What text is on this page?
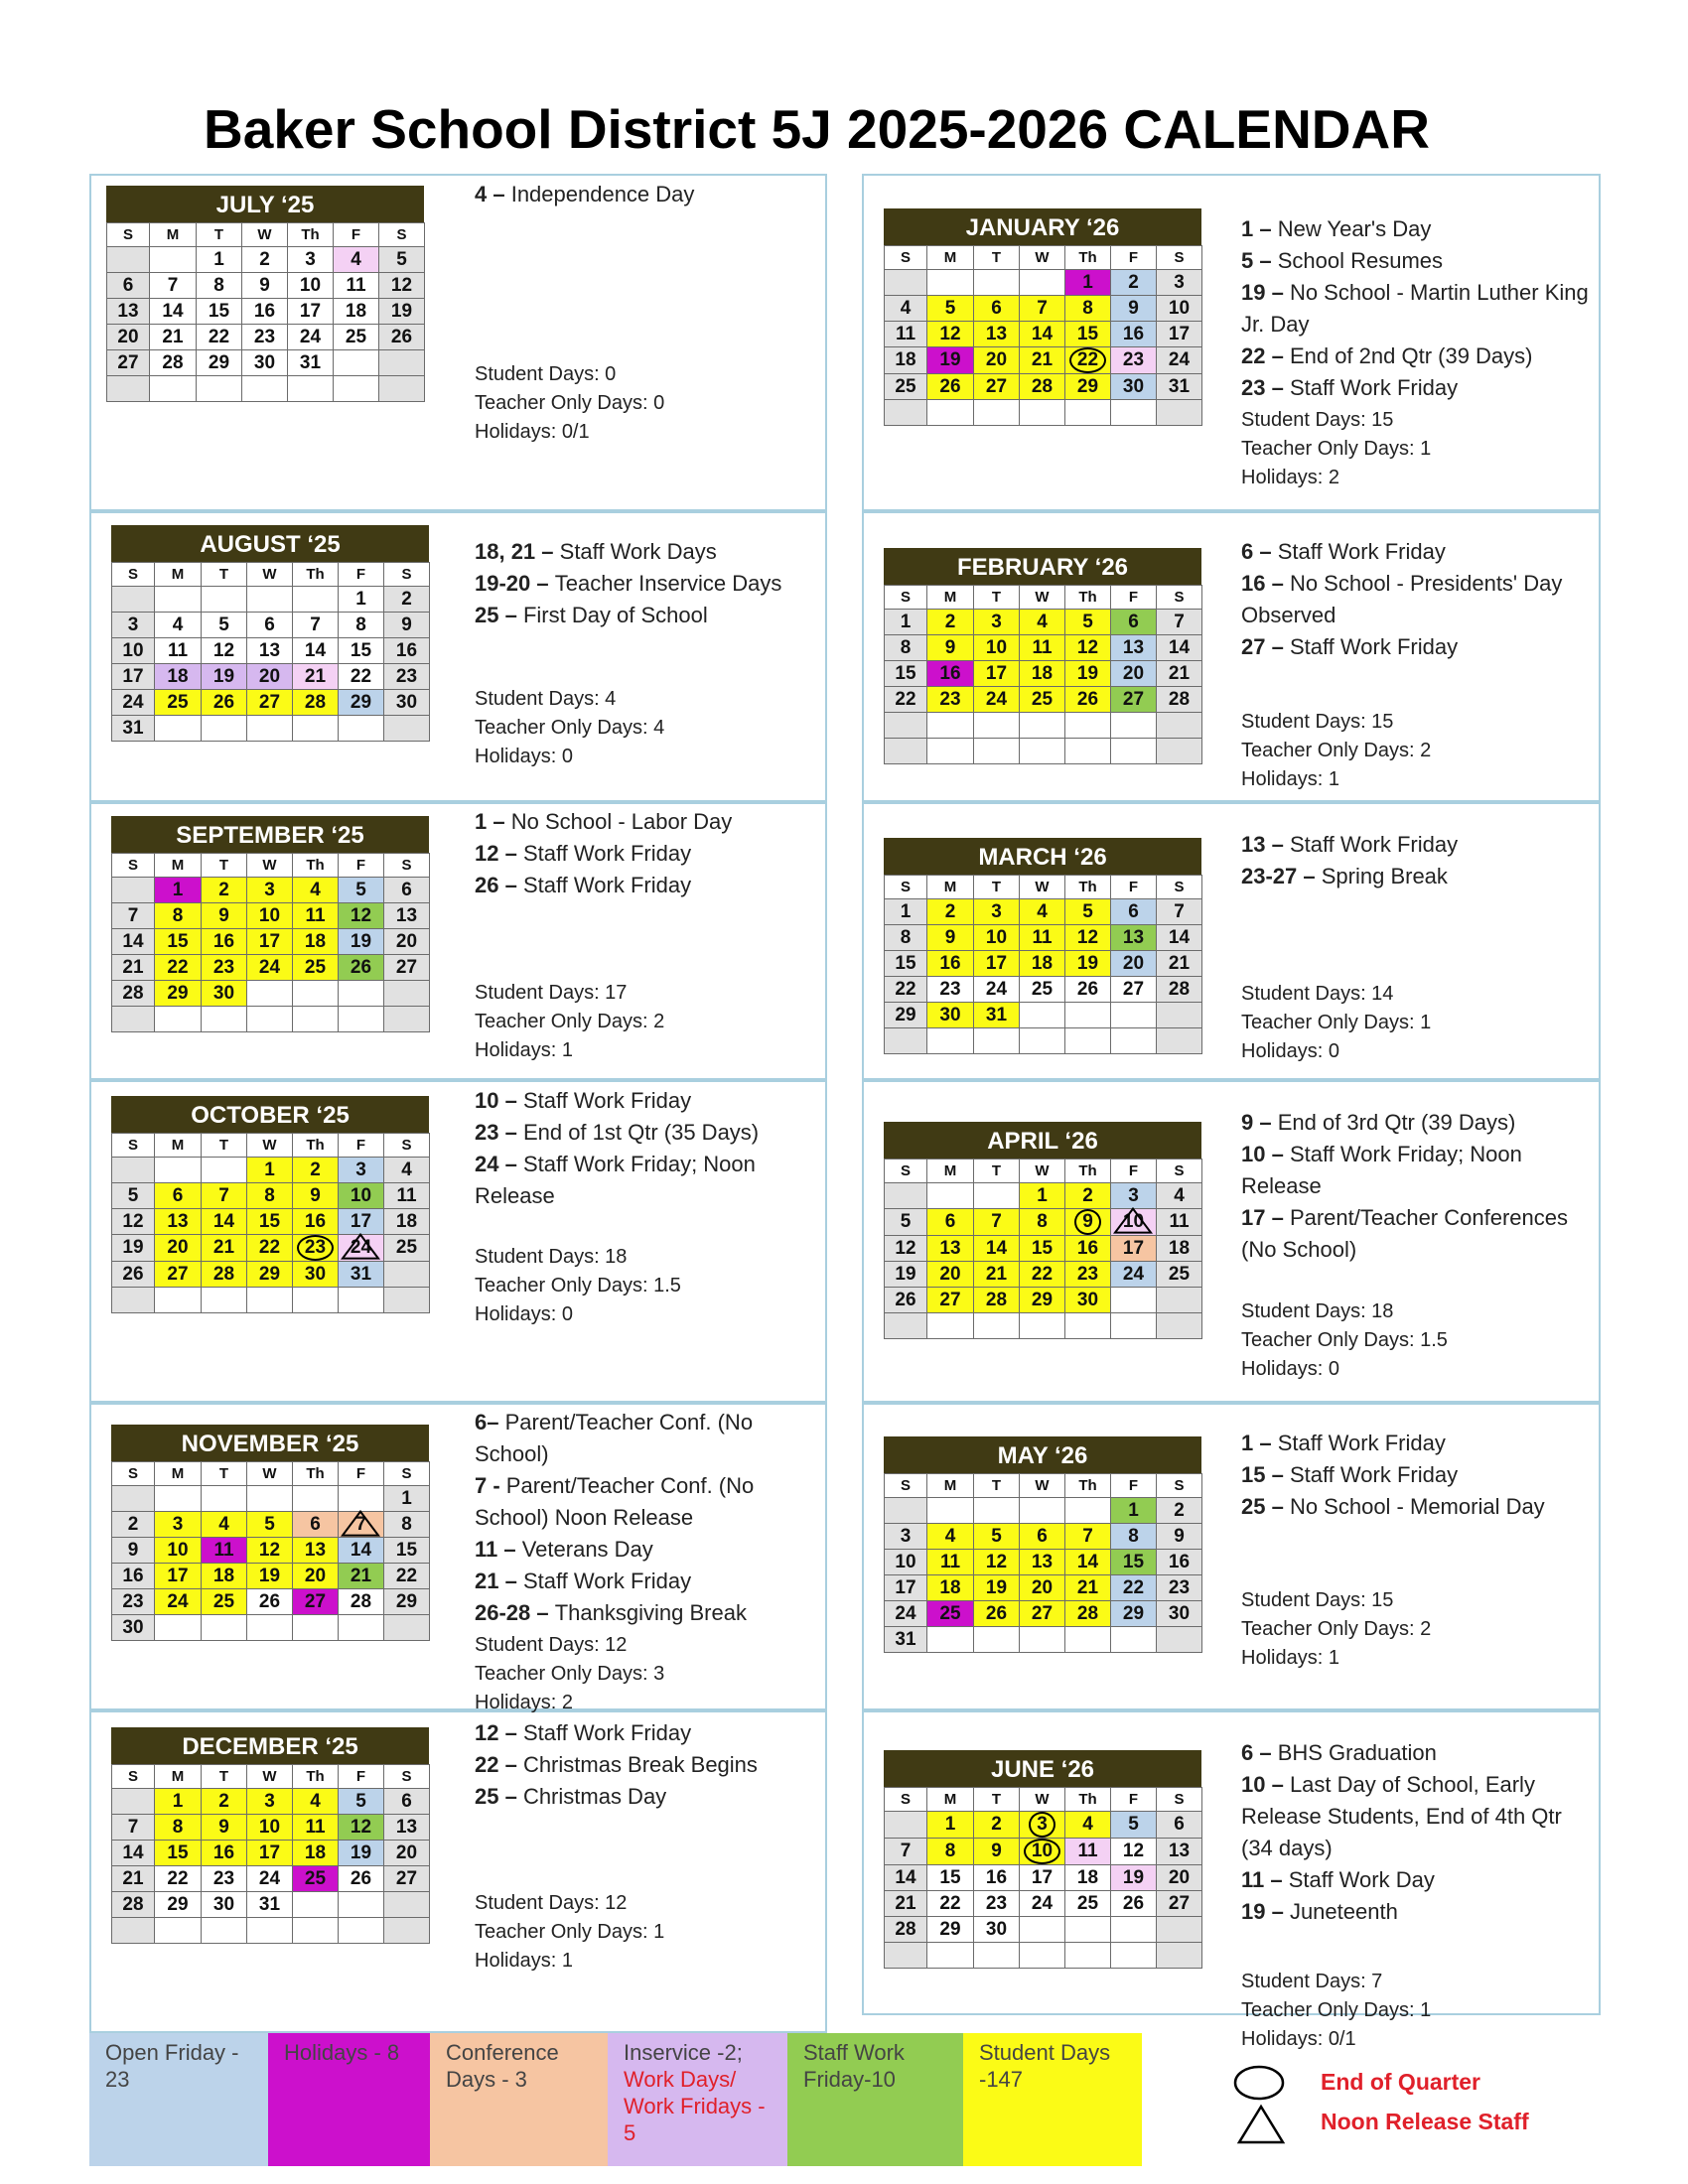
Baker School District 5J 2025-2026 CALENDAR
JULY ‘25
S	M	T	W	Th	F	S
		1	2	3	4	5
6	7	8	9	10	11	12
13	14	15	16	17	18	19
20	21	22	23	24	25	26
27	28	29	30	31		

4 – Independence Day

Student Days: 0
Teacher Only Days: 0
Holidays: 0/1
AUGUST ‘25
S	M	T	W	Th	F	S
					1	2
3	4	5	6	7	8	9
10	11	12	13	14	15	16
17	18	19	20	21	22	23
24	25	26	27	28	29	30
31						

18, 21 – Staff Work Days

19-20 – Teacher Inservice Days

25 – First Day of School

Student Days: 4
Teacher Only Days: 4
Holidays: 0
SEPTEMBER ‘25
S	M	T	W	Th	F	S
	1	2	3	4	5	6
7	8	9	10	11	12	13
14	15	16	17	18	19	20
21	22	23	24	25	26	27
28	29	30				

1 – No School - Labor Day

12 – Staff Work Friday

26 – Staff Work Friday

Student Days: 17
Teacher Only Days: 2
Holidays: 1
OCTOBER ‘25
S	M	T	W	Th	F	S
			1	2	3	4
5	6	7	8	9	10	11
12	13	14	15	16	17	18
19	20	21	22	23	24	25
26	27	28	29	30	31	

10 – Staff Work Friday

23 – End of 1st Qtr (35 Days)

24 – Staff Work Friday; Noon Release

Student Days: 18
Teacher Only Days: 1.5
Holidays: 0
NOVEMBER ‘25
S	M	T	W	Th	F	S
						1
2	3	4	5	6	7	8
9	10	11	12	13	14	15
16	17	18	19	20	21	22
23	24	25	26	27	28	29
30						

6– Parent/Teacher Conf. (No School)

7 - Parent/Teacher Conf. (No School) Noon Release

11 – Veterans Day

21 – Staff Work Friday

26-28 – Thanksgiving Break

Student Days: 12
Teacher Only Days: 3
Holidays: 2
DECEMBER ‘25
S	M	T	W	Th	F	S
	1	2	3	4	5	6
7	8	9	10	11	12	13
14	15	16	17	18	19	20
21	22	23	24	25	26	27
28	29	30	31			

12 – Staff Work Friday

22 – Christmas Break Begins

25 – Christmas Day

Student Days: 12
Teacher Only Days: 1
Holidays: 1
JANUARY ‘26
S	M	T	W	Th	F	S
				1	2	3
4	5	6	7	8	9	10
11	12	13	14	15	16	17
18	19	20	21	22	23	24
25	26	27	28	29	30	31

1 – New Year's Day

5 – School Resumes

19 – No School - Martin Luther King Jr. Day

22 – End of 2nd Qtr (39 Days)

23 – Staff Work Friday

Student Days: 15
Teacher Only Days: 1
Holidays: 2
FEBRUARY ‘26
S	M	T	W	Th	F	S
1	2	3	4	5	6	7
8	9	10	11	12	13	14
15	16	17	18	19	20	21
22	23	24	25	26	27	28

6 – Staff Work Friday

16 – No School - Presidents' Day Observed

27 – Staff Work Friday

Student Days: 15
Teacher Only Days: 2
Holidays: 1
MARCH ‘26
S	M	T	W	Th	F	S
1	2	3	4	5	6	7
8	9	10	11	12	13	14
15	16	17	18	19	20	21
22	23	24	25	26	27	28
29	30	31				

13 – Staff Work Friday

23-27 – Spring Break

Student Days: 14
Teacher Only Days: 1
Holidays: 0
APRIL ‘26
S	M	T	W	Th	F	S
			1	2	3	4
5	6	7	8	9	10	11
12	13	14	15	16	17	18
19	20	21	22	23	24	25
26	27	28	29	30		

9 – End of 3rd Qtr (39 Days)

10 – Staff Work Friday; Noon Release

17 – Parent/Teacher Conferences (No School)

Student Days: 18
Teacher Only Days: 1.5
Holidays: 0
MAY ‘26
S	M	T	W	Th	F	S
					1	2
3	4	5	6	7	8	9
10	11	12	13	14	15	16
17	18	19	20	21	22	23
24	25	26	27	28	29	30
31						

1 – Staff Work Friday

15 – Staff Work Friday

25 – No School - Memorial Day

Student Days: 15
Teacher Only Days: 2
Holidays: 1
JUNE ‘26
S	M	T	W	Th	F	S
	1	2	3	4	5	6
7	8	9	10	11	12	13
14	15	16	17	18	19	20
21	22	23	24	25	26	27
28	29	30				

6 – BHS Graduation

10 – Last Day of School, Early Release Students, End of 4th Qtr (34 days)

11 – Staff Work Day

19 – Juneteenth

Student Days: 7
Teacher Only Days: 1
Holidays: 0/1
Open Friday - 23
Holidays - 8	Conference Days - 3
Inservice -2;
Work Days/ Work Fridays - 5
Staff Work Friday-10
Student Days -147	End of Quarter
Noon Release Staff
